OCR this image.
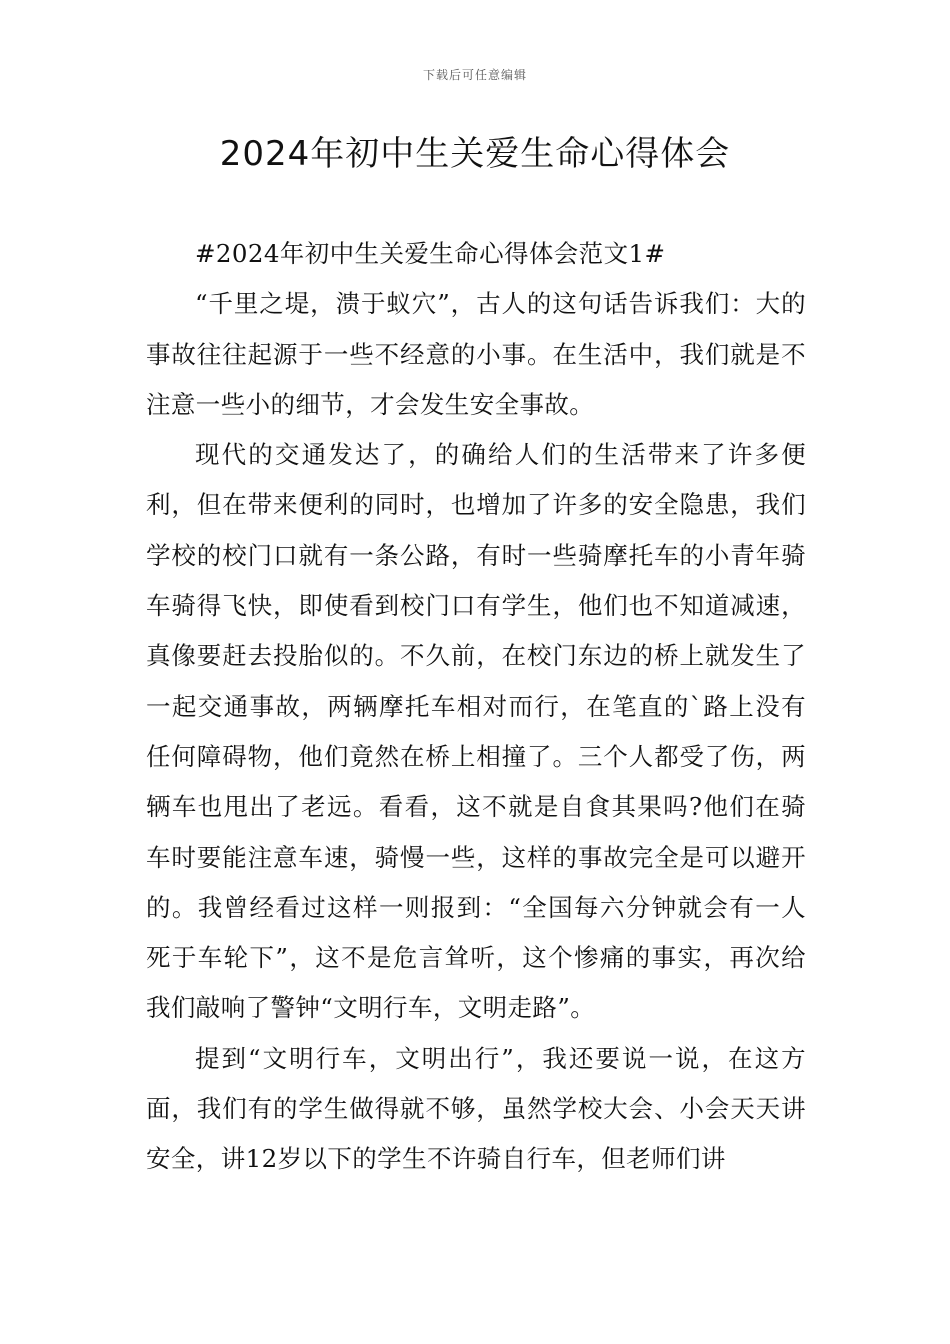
下载后可任意编辑
2024年初中生关爱生命心得体会

#2024年初中生关爱生命心得体会范文1#

“千里之堤，溃于蚁穴”，古人的这句话告诉我们：大的事故往往起源于一些不经意的小事。在生活中，我们就是不注意一些小的细节，才会发生安全事故。

现代的交通发达了，的确给人们的生活带来了许多便利，但在带来便利的同时，也增加了许多的安全隐患，我们学校的校门口就有一条公路，有时一些骑摩托车的小青年骑车骑得飞快，即使看到校门口有学生，他们也不知道减速，真像要赶去投胎似的。不久前，在校门东边的桥上就发生了一起交通事故，两辆摩托车相对而行，在笔直的`路上没有任何障碍物，他们竟然在桥上相撞了。三个人都受了伤，两辆车也甩出了老远。看看，这不就是自食其果吗?他们在骑车时要能注意车速，骑慢一些，这样的事故完全是可以避开的。我曾经看过这样一则报到：“全国每六分钟就会有一人死于车轮下”，这不是危言耸听，这个惨痛的事实，再次给我们敲响了警钟“文明行车，文明走路”。

提到“文明行车，文明出行”，我还要说一说，在这方面，我们有的学生做得就不够，虽然学校大会、小会天天讲安全，讲12岁以下的学生不许骑自行车，但老师们讲
